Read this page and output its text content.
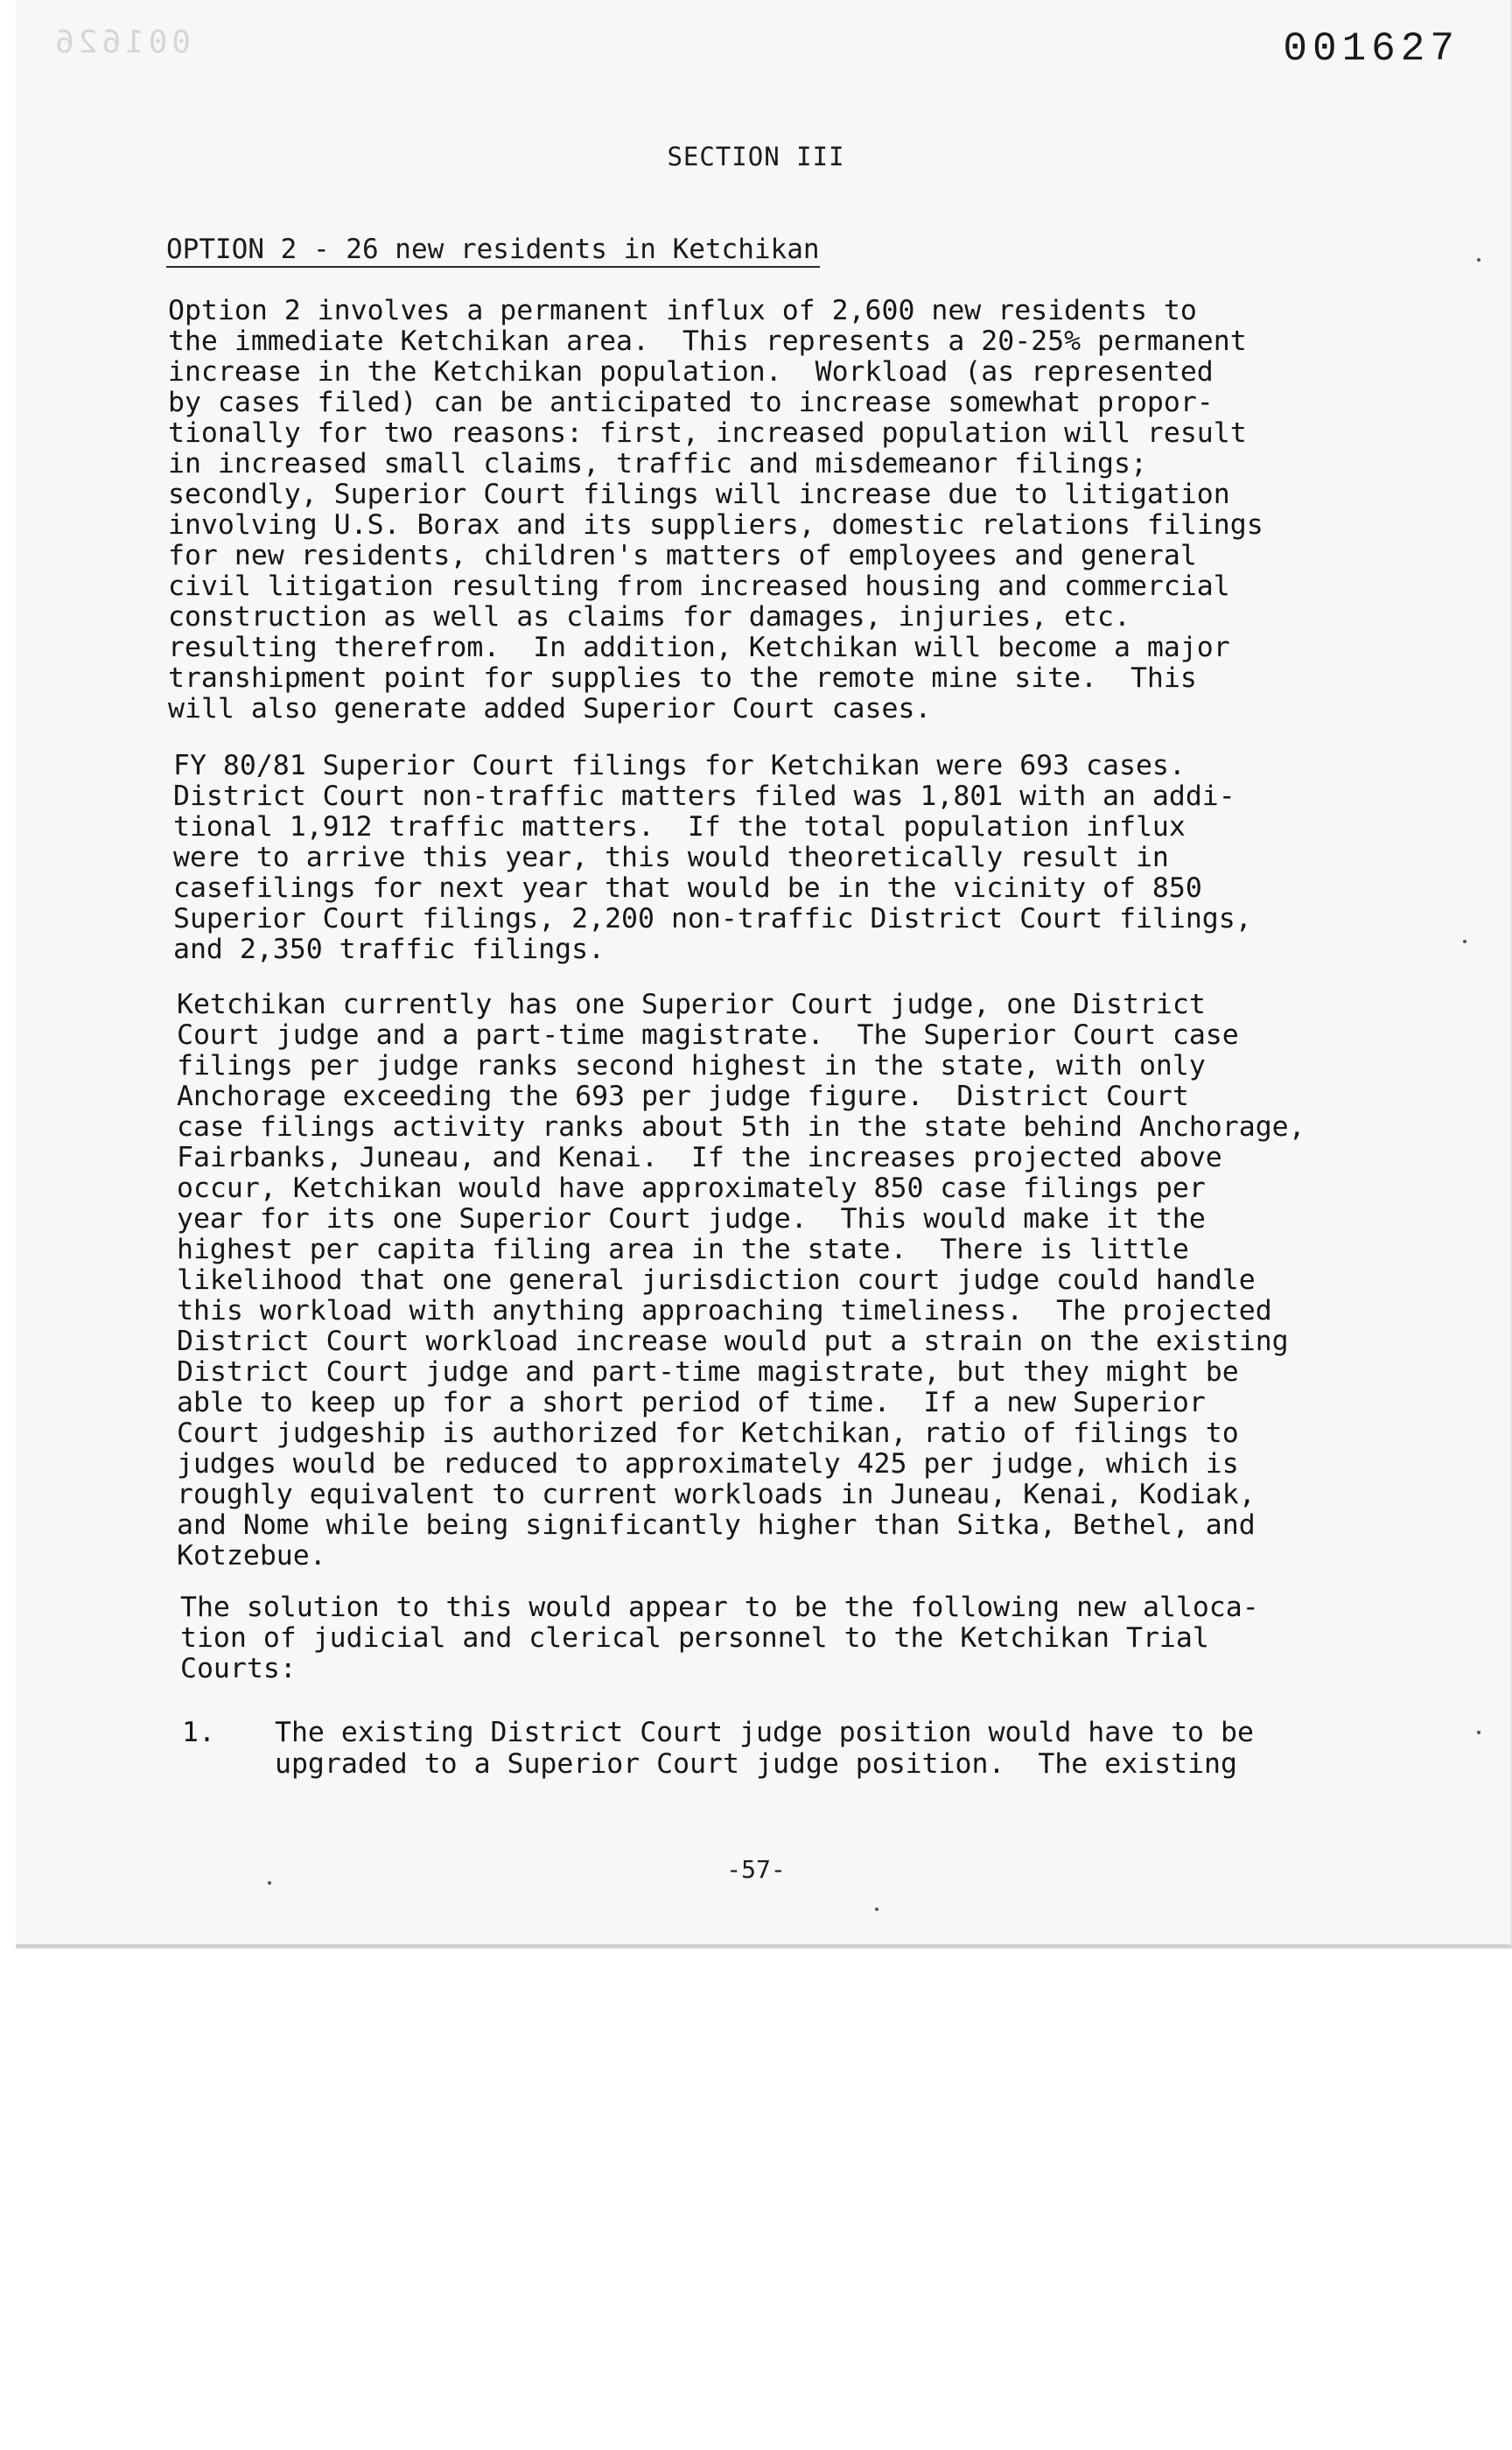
001626	001627
SECTION III
OPTION 2 - 26 new residents in Ketchikan
Option 2 involves a permanent influx of 2,600 new residents to
the immediate Ketchikan area.  This represents a 20-25% permanent
increase in the Ketchikan population.  Workload (as represented
by cases filed) can be anticipated to increase somewhat propor-
tionally for two reasons: first, increased population will result
in increased small claims, traffic and misdemeanor filings;
secondly, Superior Court filings will increase due to litigation
involving U.S. Borax and its suppliers, domestic relations filings
for new residents, children's matters of employees and general
civil litigation resulting from increased housing and commercial
construction as well as claims for damages, injuries, etc.
resulting therefrom.  In addition, Ketchikan will become a major
transhipment point for supplies to the remote mine site.  This
will also generate added Superior Court cases.
FY 80/81 Superior Court filings for Ketchikan were 693 cases.
District Court non-traffic matters filed was 1,801 with an addi-
tional 1,912 traffic matters.  If the total population influx
were to arrive this year, this would theoretically result in
casefilings for next year that would be in the vicinity of 850
Superior Court filings, 2,200 non-traffic District Court filings,
and 2,350 traffic filings.
Ketchikan currently has one Superior Court judge, one District
Court judge and a part-time magistrate.  The Superior Court case
filings per judge ranks second highest in the state, with only
Anchorage exceeding the 693 per judge figure.  District Court
case filings activity ranks about 5th in the state behind Anchorage,
Fairbanks, Juneau, and Kenai.  If the increases projected above
occur, Ketchikan would have approximately 850 case filings per
year for its one Superior Court judge.  This would make it the
highest per capita filing area in the state.  There is little
likelihood that one general jurisdiction court judge could handle
this workload with anything approaching timeliness.  The projected
District Court workload increase would put a strain on the existing
District Court judge and part-time magistrate, but they might be
able to keep up for a short period of time.  If a new Superior
Court judgeship is authorized for Ketchikan, ratio of filings to
judges would be reduced to approximately 425 per judge, which is
roughly equivalent to current workloads in Juneau, Kenai, Kodiak,
and Nome while being significantly higher than Sitka, Bethel, and
Kotzebue.
The solution to this would appear to be the following new alloca-
tion of judicial and clerical personnel to the Ketchikan Trial
Courts:
1. The existing District Court judge position would have to be
upgraded to a Superior Court judge position.  The existing
-57-
